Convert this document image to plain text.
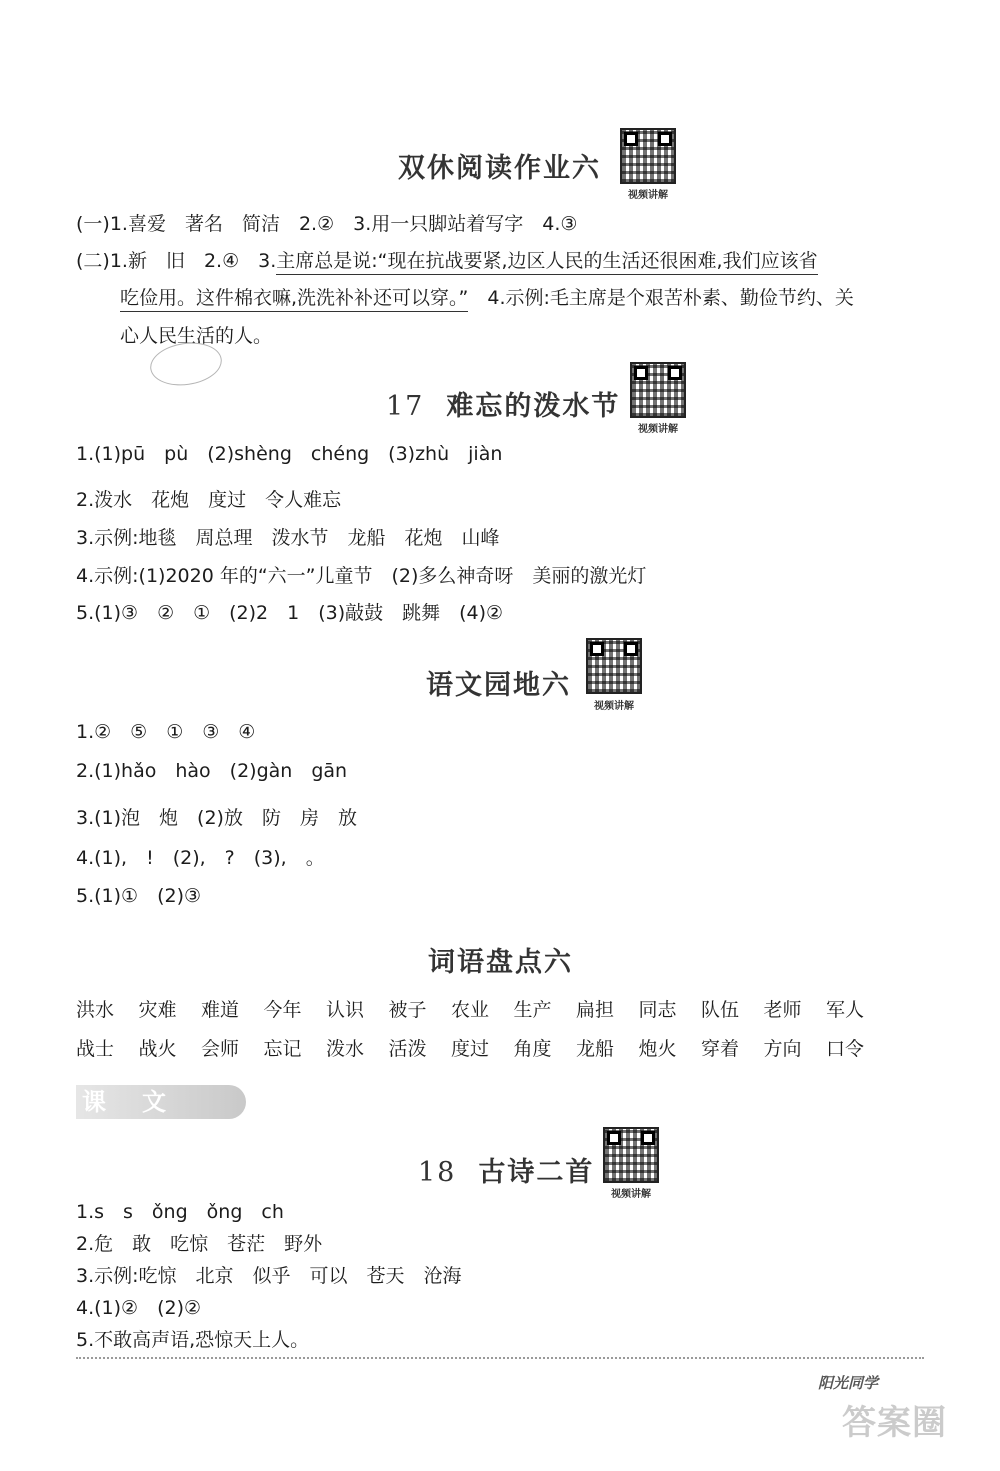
双休阅读作业六
视频讲解
(一)1.喜爱　著名　简洁　2.②　3.用一只脚站着写字　4.③
(二)1.新　旧　2.④　3.主席总是说:“现在抗战要紧,边区人民的生活还很困难,我们应该省
吃俭用。这件棉衣嘛,洗洗补补还可以穿。”　4.示例:毛主席是个艰苦朴素、勤俭节约、关
心人民生活的人。
17 难忘的泼水节
视频讲解
1.(1)pū　pù　(2)shèng　chéng　(3)zhù　jiàn
2.泼水　花炮　度过　令人难忘
3.示例:地毯　周总理　泼水节　龙船　花炮　山峰
4.示例:(1)2020 年的“六一”儿童节　(2)多么神奇呀　美丽的激光灯
5.(1)③　②　①　(2)2　1　(3)敲鼓　跳舞　(4)②
语文园地六
视频讲解
1.②　⑤　①　③　④
2.(1)hǎo　hào　(2)gàn　gān
3.(1)泡　炮　(2)放　防　房　放
4.(1),　!　(2),　?　(3),　。
5.(1)①　(2)③
词语盘点六
洪水	灾难	难道	今年	认识	被子	农业	生产	扁担	同志	队伍	老师	军人
战士	战火	会师	忘记	泼水	活泼	度过	角度	龙船	炮火	穿着	方向	口令
课文
18 古诗二首
视频讲解
1.s　s　ǒng　ǒng　ch
2.危　敢　吃惊　苍茫　野外
3.示例:吃惊　北京　似乎　可以　苍天　沧海
4.(1)②　(2)②
5.不敢高声语,恐惊天上人。
阳光同学
答案圈
